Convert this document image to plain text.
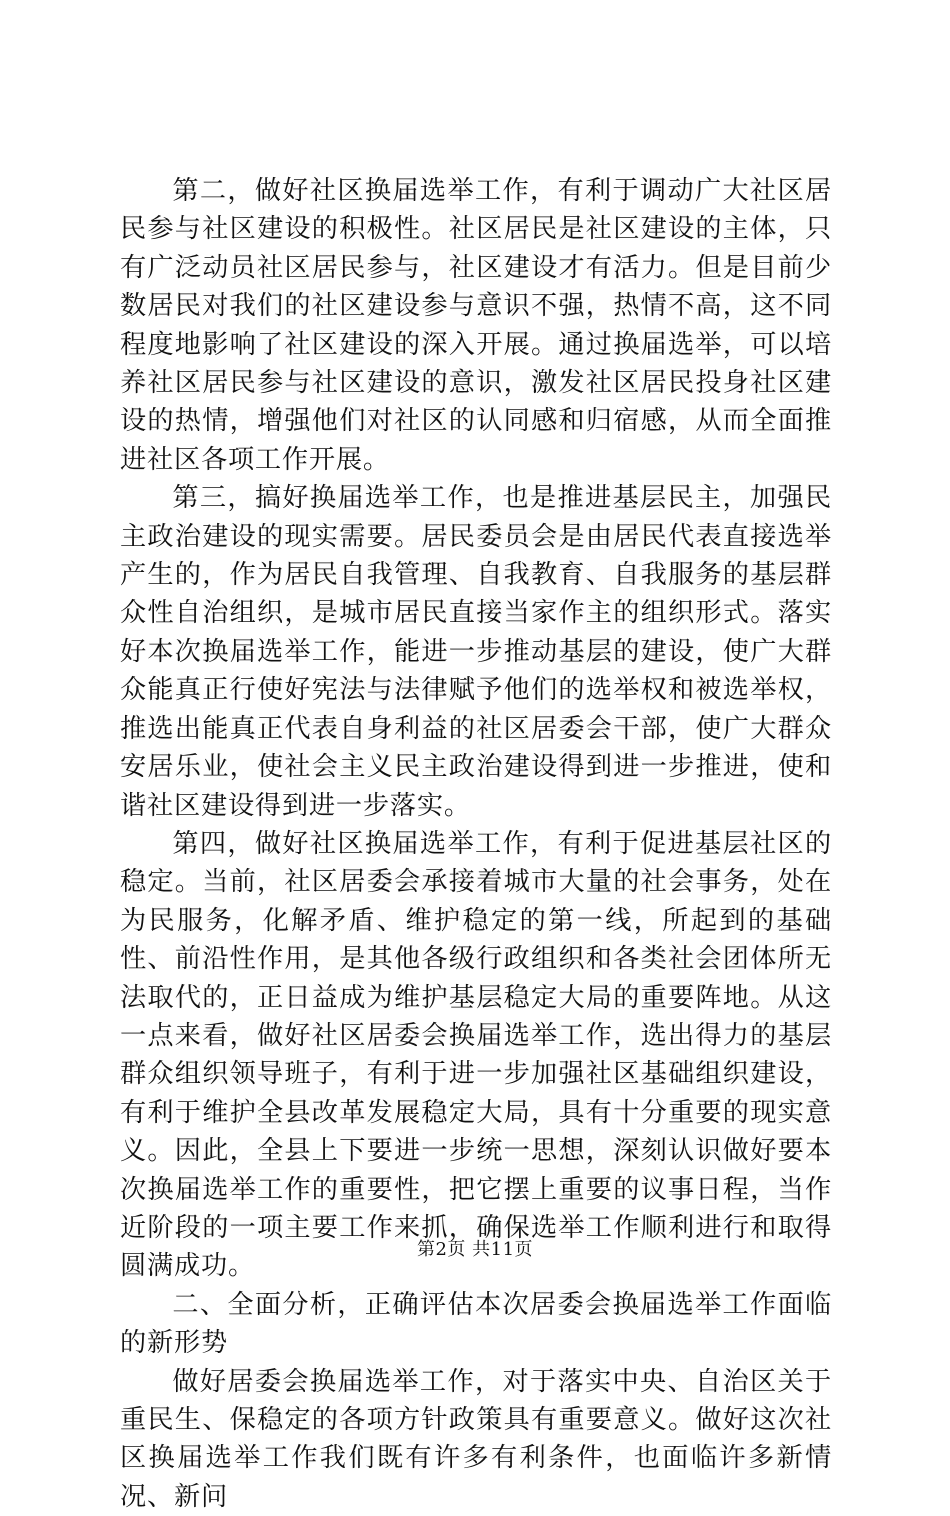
第二，做好社区换届选举工作，有利于调动广大社区居民参与社区建设的积极性。社区居民是社区建设的主体，只有广泛动员社区居民参与，社区建设才有活力。但是目前少数居民对我们的社区建设参与意识不强，热情不高，这不同程度地影响了社区建设的深入开展。通过换届选举，可以培养社区居民参与社区建设的意识，激发社区居民投身社区建设的热情，增强他们对社区的认同感和归宿感，从而全面推进社区各项工作开展。

第三，搞好换届选举工作，也是推进基层民主，加强民主政治建设的现实需要。居民委员会是由居民代表直接选举产生的，作为居民自我管理、自我教育、自我服务的基层群众性自治组织，是城市居民直接当家作主的组织形式。落实好本次换届选举工作，能进一步推动基层的建设，使广大群众能真正行使好宪法与法律赋予他们的选举权和被选举权，推选出能真正代表自身利益的社区居委会干部，使广大群众安居乐业，使社会主义民主政治建设得到进一步推进，使和谐社区建设得到进一步落实。

第四，做好社区换届选举工作，有利于促进基层社区的稳定。当前，社区居委会承接着城市大量的社会事务，处在为民服务，化解矛盾、维护稳定的第一线，所起到的基础性、前沿性作用，是其他各级行政组织和各类社会团体所无法取代的，正日益成为维护基层稳定大局的重要阵地。从这一点来看，做好社区居委会换届选举工作，选出得力的基层群众组织领导班子，有利于进一步加强社区基础组织建设，有利于维护全县改革发展稳定大局，具有十分重要的现实意义。因此，全县上下要进一步统一思想，深刻认识做好要本次换届选举工作的重要性，把它摆上重要的议事日程，当作近阶段的一项主要工作来抓，确保选举工作顺利进行和取得圆满成功。

二、全面分析，正确评估本次居委会换届选举工作面临的新形势

做好居委会换届选举工作，对于落实中央、自治区关于重民生、保稳定的各项方针政策具有重要意义。做好这次社区换届选举工作我们既有许多有利条件，也面临许多新情况、新问

第2页 共11页
